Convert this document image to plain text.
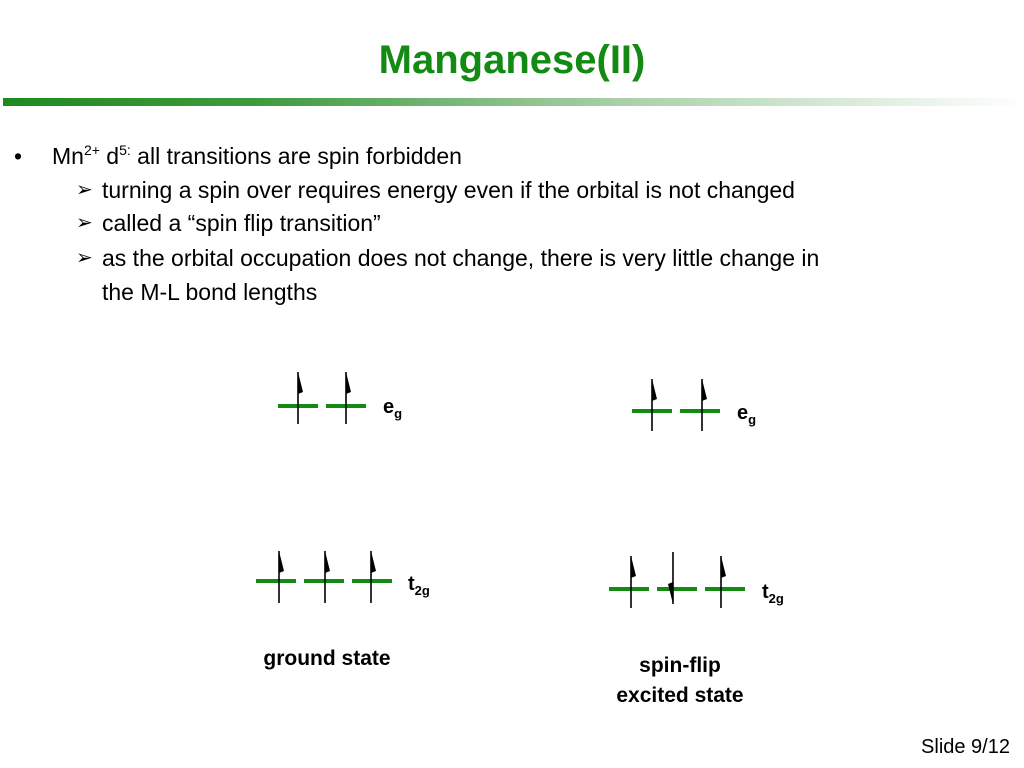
Manganese(II)
• $Mn^{2+}$ $d^{5:}$ all transitions are spin forbidden
➢ turning a spin over requires energy even if the orbital is not changed
➢ called a “spin flip transition”
➢ as the orbital occupation does not change, there is very little change in
the M-L bond lengths
$e_g$
$t_{2g}$
$e_g$
$t_{2g}$
ground state	spin-flip
excited state
Slide 9/12
